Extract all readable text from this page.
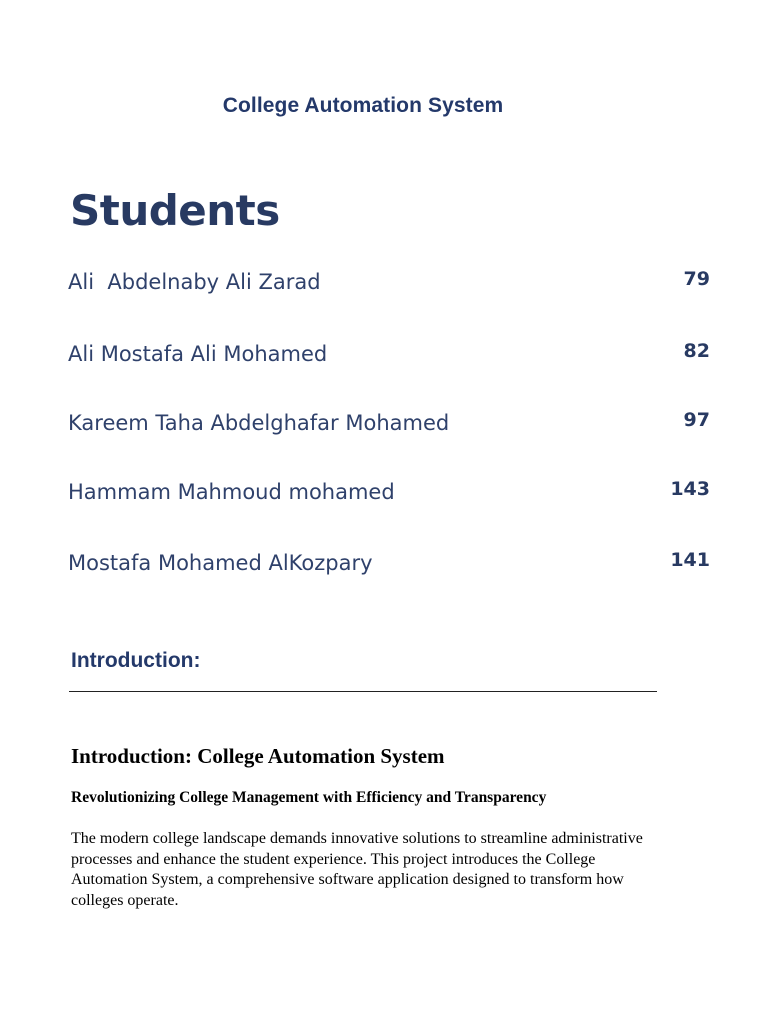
College Automation System
Students
Ali  Abdelnaby Ali Zarad	79
Ali Mostafa Ali Mohamed	82
Kareem Taha Abdelghafar Mohamed	97
Hammam Mahmoud mohamed	143
Mostafa Mohamed AlKozpary	141
Introduction:
Introduction: College Automation System
Revolutionizing College Management with Efficiency and Transparency
The modern college landscape demands innovative solutions to streamline administrative processes and enhance the student experience. This project introduces the College Automation System, a comprehensive software application designed to transform how colleges operate.
